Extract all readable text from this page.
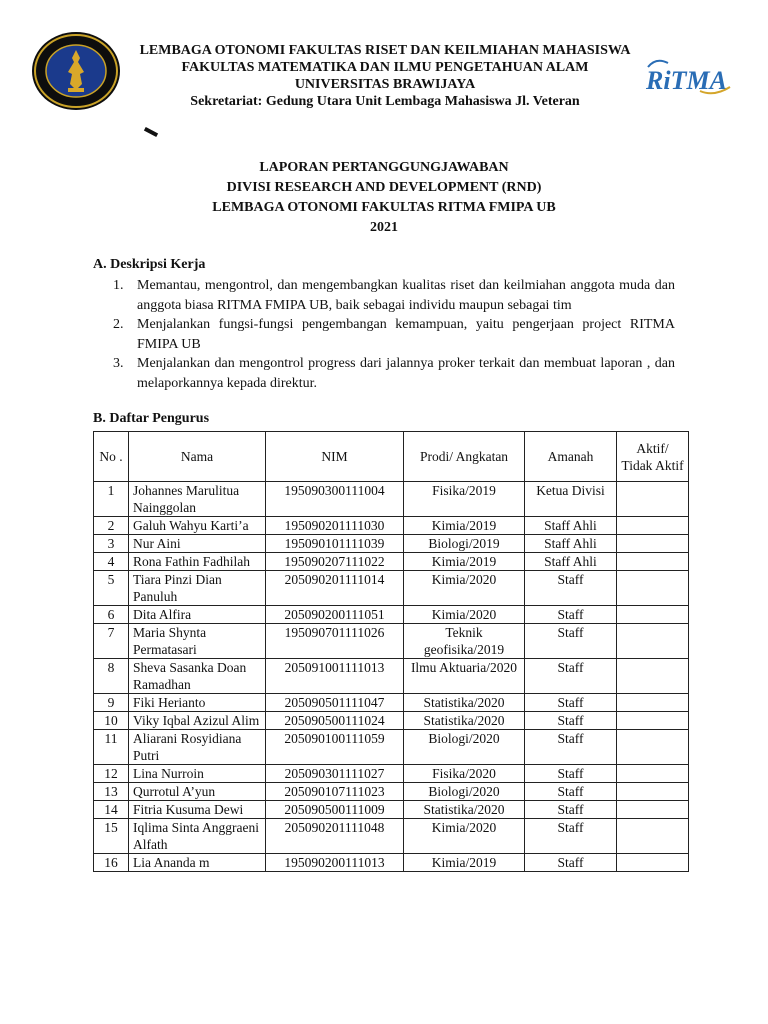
LEMBAGA OTONOMI FAKULTAS RISET DAN KEILMIAHAN MAHASISWA
FAKULTAS MATEMATIKA DAN ILMU PENGETAHUAN ALAM
UNIVERSITAS BRAWIJAYA
Sekretariat: Gedung Utara Unit Lembaga Mahasiswa Jl. Veteran
RiTMA
LAPORAN PERTANGGUNGJAWABAN
DIVISI RESEARCH AND DEVELOPMENT (RND)
LEMBAGA OTONOMI FAKULTAS RITMA FMIPA UB
2021
A. Deskripsi Kerja
1. Memantau, mengontrol, dan mengembangkan kualitas riset dan keilmiahan anggota muda dan anggota biasa RITMA FMIPA UB, baik sebagai individu maupun sebagai tim
2. Menjalankan fungsi-fungsi pengembangan kemampuan, yaitu pengerjaan project RITMA FMIPA UB
3. Menjalankan dan mengontrol progress dari jalannya proker terkait dan membuat laporan , dan melaporkannya kepada direktur.
B. Daftar Pengurus
No .	Nama	NIM	Prodi/ Angkatan	Amanah	Aktif/ Tidak Aktif
1	Johannes Marulitua Nainggolan	195090300111004	Fisika/2019	Ketua Divisi	
2	Galuh Wahyu Karti’a	195090201111030	Kimia/2019	Staff Ahli	
3	Nur Aini	195090101111039	Biologi/2019	Staff Ahli	
4	Rona Fathin Fadhilah	195090207111022	Kimia/2019	Staff Ahli	
5	Tiara Pinzi Dian Panuluh	205090201111014	Kimia/2020	Staff	
6	Dita Alfira	205090200111051	Kimia/2020	Staff	
7	Maria Shynta Permatasari	195090701111026	Teknik geofisika/2019	Staff	
8	Sheva Sasanka Doan Ramadhan	205091001111013	Ilmu Aktuaria/2020	Staff	
9	Fiki Herianto	205090501111047	Statistika/2020	Staff	
10	Viky Iqbal Azizul Alim	205090500111024	Statistika/2020	Staff	
11	Aliarani Rosyidiana Putri	205090100111059	Biologi/2020	Staff	
12	Lina Nurroin	205090301111027	Fisika/2020	Staff	
13	Qurrotul A’yun	205090107111023	Biologi/2020	Staff	
14	Fitria Kusuma Dewi	205090500111009	Statistika/2020	Staff	
15	Iqlima Sinta Anggraeni Alfath	205090201111048	Kimia/2020	Staff	
16	Lia Ananda m	195090200111013	Kimia/2019	Staff	
